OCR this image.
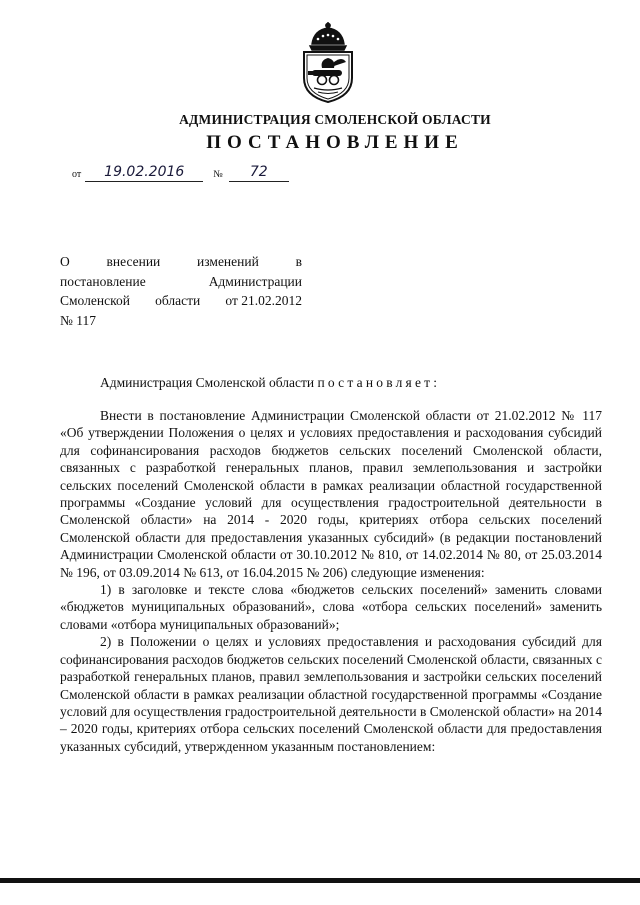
АДМИНИСТРАЦИЯ СМОЛЕНСКОЙ ОБЛАСТИ
ПОСТАНОВЛЕНИЕ
от	19.02.2016	№	72
О	внесении	изменений	в
постановление	Администрации
Смоленской области от 21.02.2012
№ 117
Администрация Смоленской области постановляет:

Внести в постановление Администрации Смоленской области от 21.02.2012 № 117 «Об утверждении Положения о целях и условиях предоставления и расходования субсидий для софинансирования расходов бюджетов сельских поселений Смоленской области, связанных с разработкой генеральных планов, правил землепользования и застройки сельских поселений Смоленской области в рамках реализации областной государственной программы «Создание условий для осуществления градостроительной деятельности в Смоленской области» на 2014 - 2020 годы, критериях отбора сельских поселений Смоленской области для предоставления указанных субсидий» (в редакции постановлений Администрации Смоленской области от 30.10.2012 № 810, от 14.02.2014 № 80, от 25.03.2014 № 196, от 03.09.2014 № 613, от 16.04.2015 № 206) следующие изменения:

1) в заголовке и тексте слова «бюджетов сельских поселений» заменить словами «бюджетов муниципальных образований», слова «отбора сельских поселений» заменить словами «отбора муниципальных образований»;

2) в Положении о целях и условиях предоставления и расходования субсидий для софинансирования расходов бюджетов сельских поселений Смоленской области, связанных с разработкой генеральных планов, правил землепользования и застройки сельских поселений Смоленской области в рамках реализации областной государственной программы «Создание условий для осуществления градостроительной деятельности в Смоленской области» на 2014 – 2020 годы, критериях отбора сельских поселений Смоленской области для предоставления указанных субсидий, утвержденном указанным постановлением:
